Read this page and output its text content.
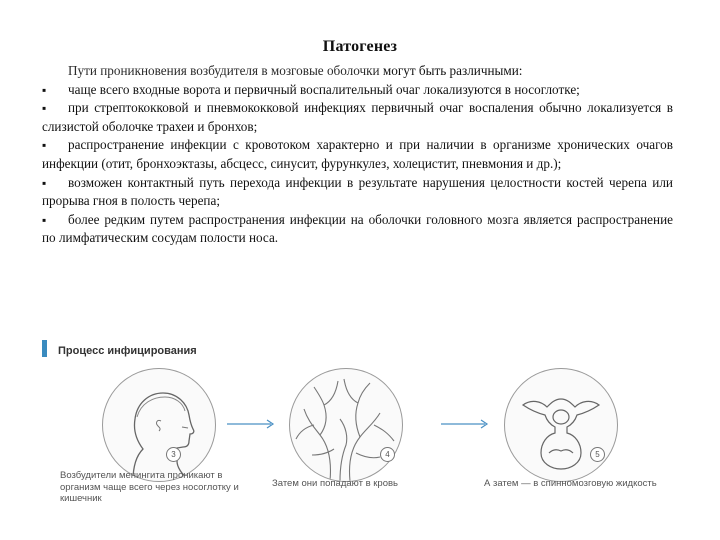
Патогенез

Пути проникновения возбудителя в мозговые оболочки могут быть различными:

▪ чаще всего входные ворота и первичный воспалительный очаг локализуются в носоглотке;

▪ при стрептококковой и пневмококковой инфекциях первичный очаг воспаления обычно локализуется в слизистой оболочке трахеи и бронхов;

▪ распространение инфекции с кровотоком характерно и при наличии в организме хронических очагов инфекции (отит, бронхоэктазы, абсцесс, синусит, фурункулез, холецистит, пневмония и др.);

▪ возможен контактный путь перехода инфекции в результате нарушения целостности костей черепа или прорыва гноя в полость черепа;

▪ более редким путем распространения инфекции на оболочки головного мозга является распространение по лимфатическим сосудам полости носа.

Процесс инфицирования
3	4	5
Возбудители менингита проникают в организм чаще всего через носоглотку и кишечник
Затем они попадают в кровь	А затем — в спинномозговую жидкость
